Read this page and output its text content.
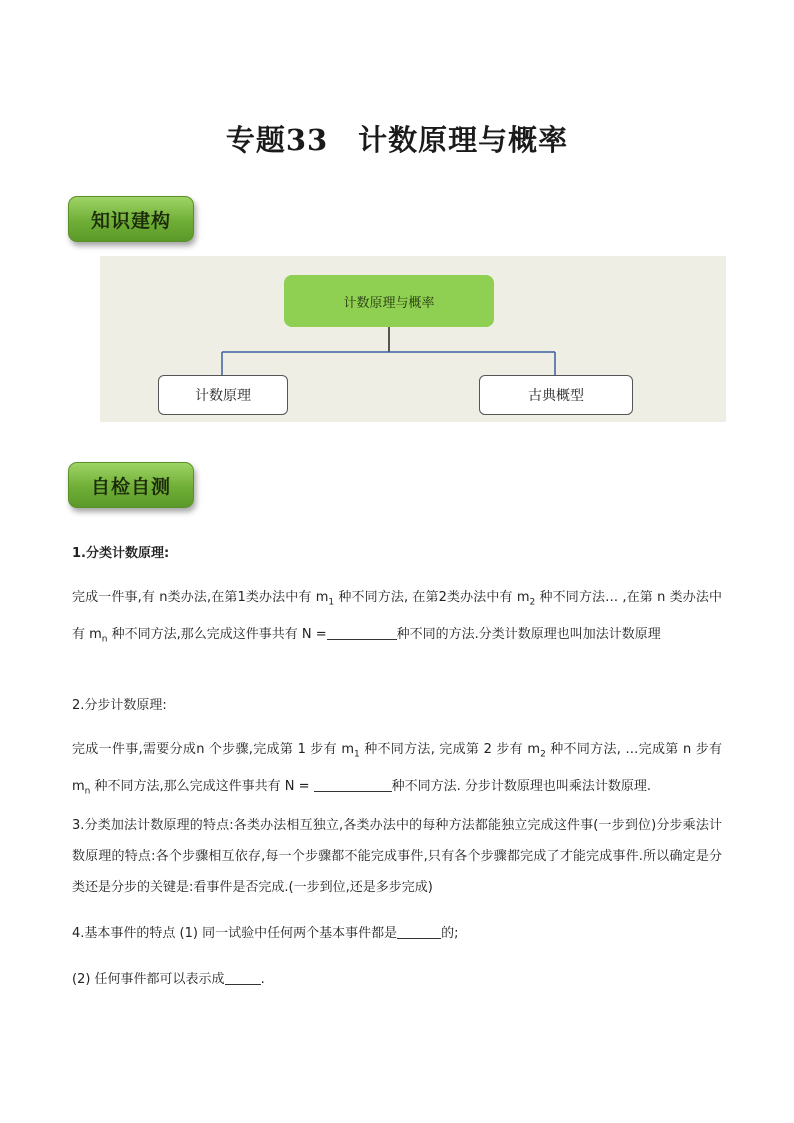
专题33 计数原理与概率
知识建构
计数原理与概率
计数原理	古典概型
自检自测
1.分类计数原理:
完成一件事,有 n类办法,在第1类办法中有 $m_1$ 种不同方法, 在第2类办法中有 $m_2$ 种不同方法… ,在第 n 类办法中有 $m_n$ 种不同方法,那么完成这件事共有 N =	种不同的方法.分类计数原理也叫加法计数原理
2.分步计数原理:
完成一件事,需要分成n 个步骤,完成第 1 步有 $m_1$ 种不同方法, 完成第 2 步有 $m_2$ 种不同方法, …完成第 n 步有 $m_n$ 种不同方法,那么完成这件事共有 N =	种不同方法. 分步计数原理也叫乘法计数原理.
3.分类加法计数原理的特点:各类办法相互独立,各类办法中的每种方法都能独立完成这件事(一步到位)分步乘法计数原理的特点:各个步骤相互依存,每一个步骤都不能完成事件,只有各个步骤都完成了才能完成事件.所以确定是分类还是分步的关键是:看事件是否完成.(一步到位,还是多步完成)
4.基本事件的特点 (1) 同一试验中任何两个基本事件都是	的;
(2) 任何事件都可以表示成	.
